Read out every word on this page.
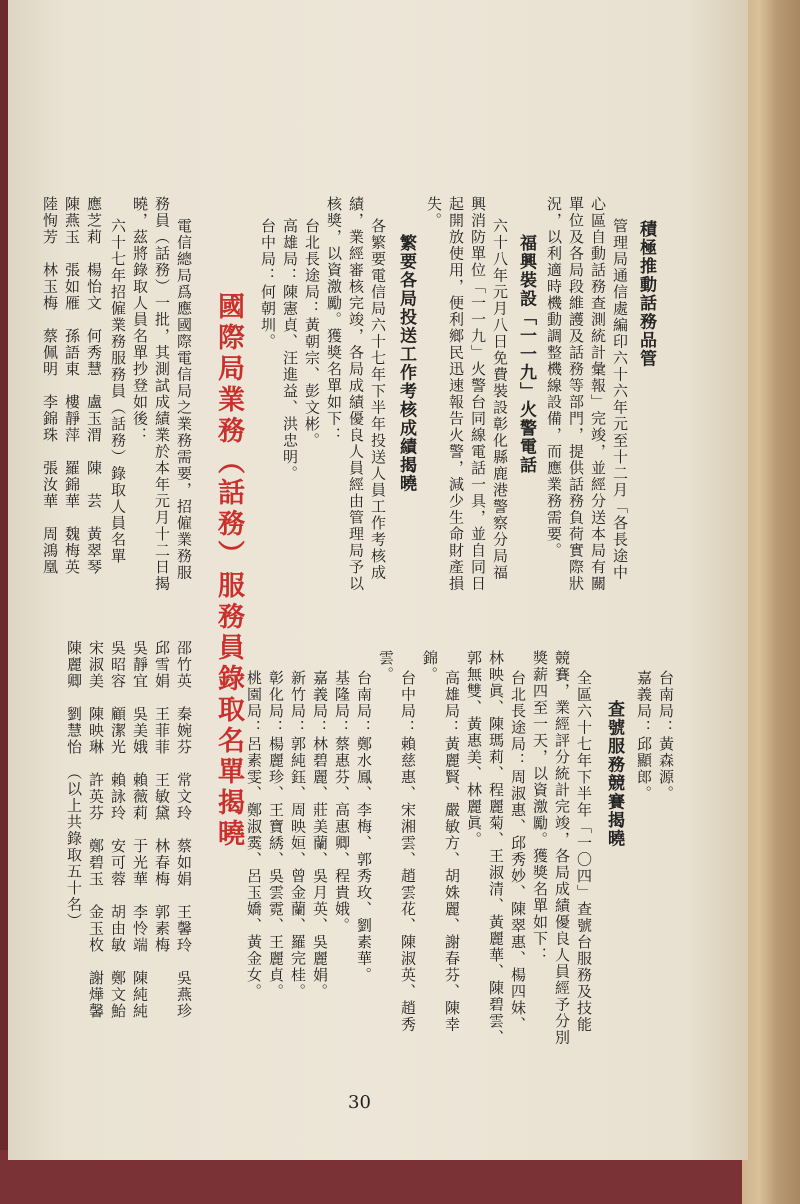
積極推動話務品管
管理局通信處編印六十六年元至十二月「各長途中
心區自動話務查測統計彙報」完竣，並經分送本局有關
單位及各局段維護及話務等部門，提供話務負荷實際狀
況，以利適時機動調整機線設備，而應業務需要。
福興裝設「一一九」火警電話
六十八年元月八日免費裝設彰化縣鹿港警察分局福
興消防單位「一一九」火警台同線電話一具，並自同日
起開放使用，便利鄉民迅速報告火警，減少生命財產損
失。
繁要各局投送工作考核成績揭曉
各繁要電信局六十七年下半年投送人員工作考核成
績，業經審核完竣，各局成績優良人員經由管理局予以
核獎，以資激勵。獲獎名單如下：
台北長途局：黃朝宗、彭文彬。
高雄局：陳憲貞、汪進益、洪忠明。
台中局：何朝圳。
國際局業務（話務）服務員錄取名單揭曉
電信總局爲應國際電信局之業務需要，招僱業務服
務員（話務）一批，其測試成績業於本年元月十二日揭
曉，茲將錄取人員名單抄登如後：
六十七年招僱業務服務員（話務）錄取人員名單
應芝莉　楊怡文　何秀慧　盧玉渭　陳　芸　黃翠琴
陳燕玉　張如雁　孫語東　樓靜萍　羅錦華　魏梅英
陸恂芳　林玉梅　蔡佩明　李錦珠　張汝華　周鴻凰
邵竹英　秦婉芬　常文玲　蔡如娟　王馨玲　吳燕珍
邱雪娟　王菲菲　王敏黛　林春梅　郭素梅
吳靜宜　吳美娥　賴薇莉　于光華　李怜端　陳純純
吳昭容　顧潔光　賴詠玲　安可蓉　胡由敏　鄭文鮐
宋淑美　陳映琳　許英芬　鄭碧玉　金玉枚　謝燁馨
陳麗卿　劉慧怡　（以上共錄取五十名）	台南局：黃森源。
嘉義局：邱顯郎。
查號服務競賽揭曉
全區六十七年下半年「一〇四」查號台服務及技能
競賽，業經評分統計完竣，各局成績優良人員經予分別
獎薪四至一天，以資激勵。獲獎名單如下：
台北長途局：周淑惠、邱秀妙、陳翠惠、楊四妹、
林映眞、陳瑪莉、程麗菊、王淑清、黃麗華、陳碧雲、
郭無雙、黃惠美、林麗眞。
高雄局：黃麗賢、嚴敏方、胡姝麗、謝春芬、陳幸
錦。
台中局：賴慈惠、宋湘雲、趙雲花、陳淑英、趙秀
雲。
台南局：鄭水鳳、李梅、郭秀玫、劉素華。
基隆局：蔡惠芬、高惠卿、程貴娥。
嘉義局：林碧麗、莊美蘭、吳月英、吳麗娟。
新竹局：郭純鈺、周映姮、曾金蘭、羅完桂。
彰化局：楊麗珍、王寶綉、吳雲霓、王麗貞。
桃園局：呂素雯、鄭淑霙、呂玉嬌、黃金女。
30
